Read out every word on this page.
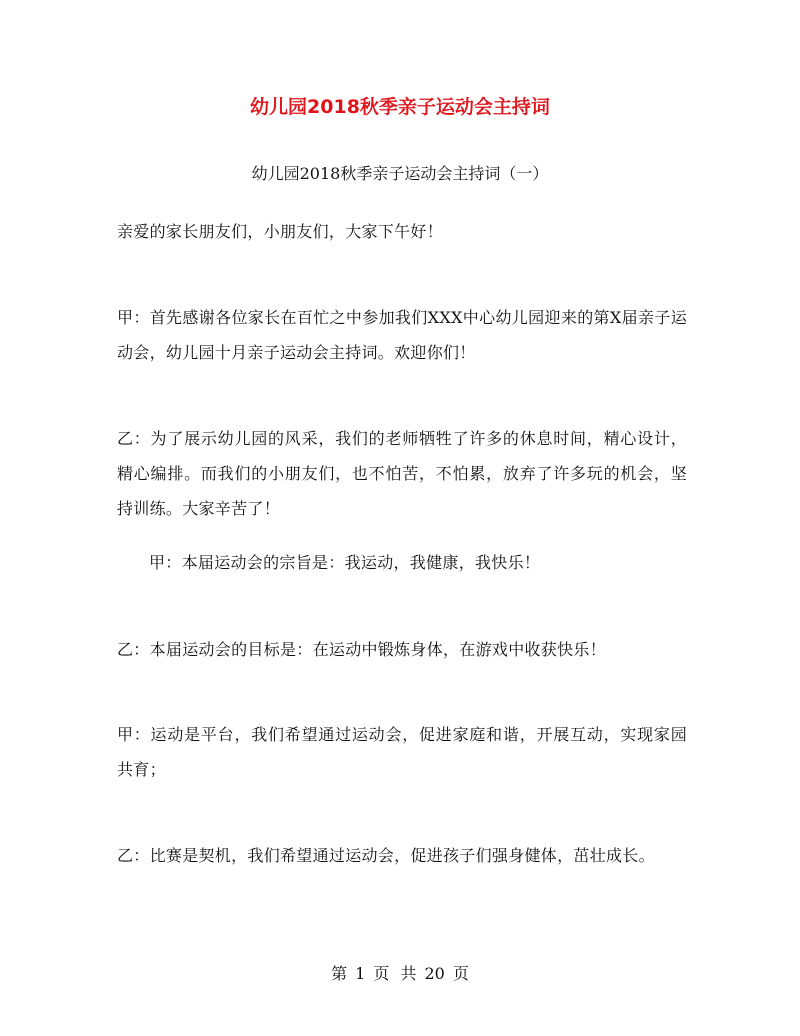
幼儿园2018秋季亲子运动会主持词
幼儿园2018秋季亲子运动会主持词（一）
亲爱的家长朋友们，小朋友们，大家下午好！
甲：首先感谢各位家长在百忙之中参加我们XXX中心幼儿园迎来的第X届亲子运动会，幼儿园十月亲子运动会主持词。欢迎你们！
乙：为了展示幼儿园的风采，我们的老师牺牲了许多的休息时间，精心设计，精心编排。而我们的小朋友们，也不怕苦，不怕累，放弃了许多玩的机会，坚持训练。大家辛苦了！
甲：本届运动会的宗旨是：我运动，我健康，我快乐！
乙：本届运动会的目标是：在运动中锻炼身体，在游戏中收获快乐！
甲：运动是平台，我们希望通过运动会，促进家庭和谐，开展互动，实现家园共育；
乙：比赛是契机，我们希望通过运动会，促进孩子们强身健体，茁壮成长。
第 1 页 共 20 页
